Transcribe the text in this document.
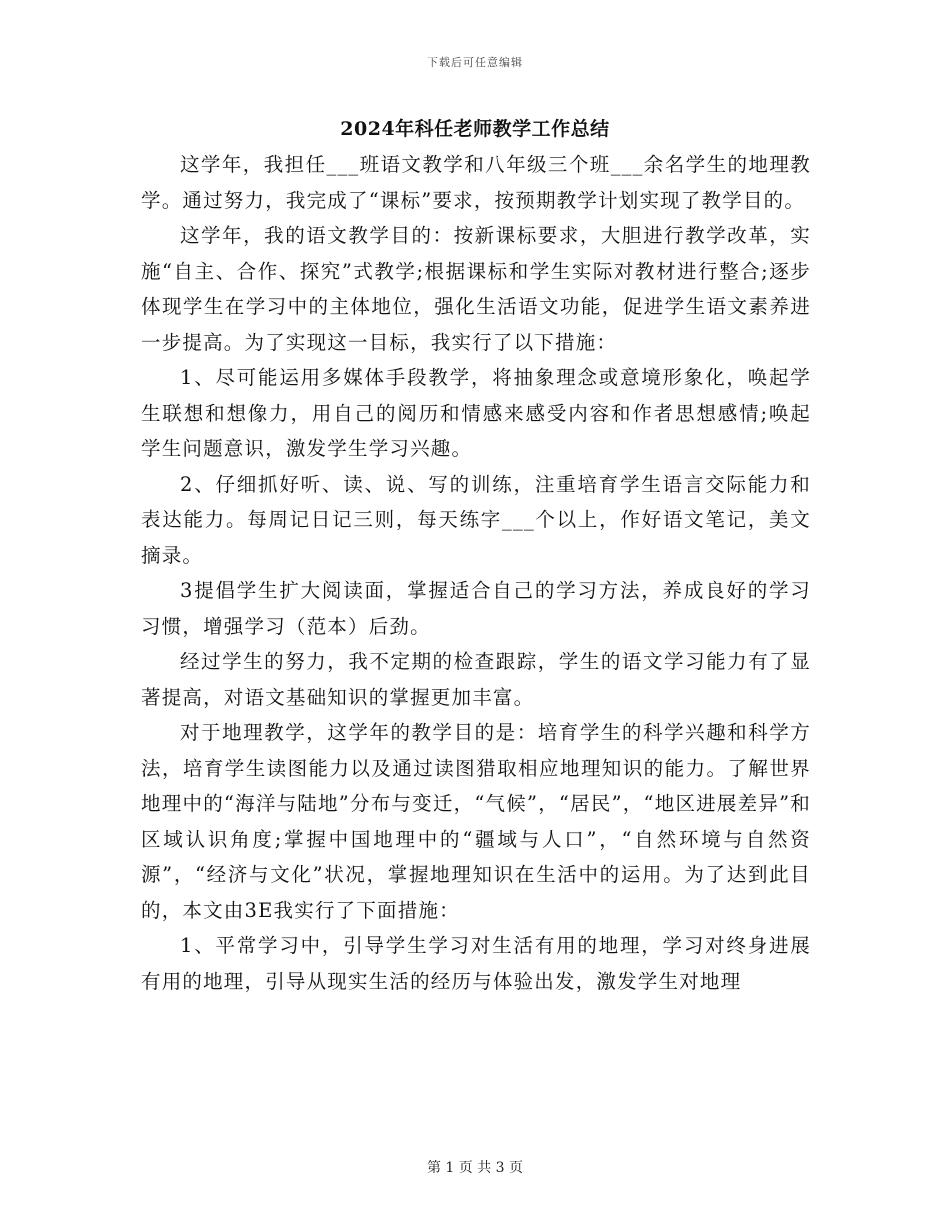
下载后可任意编辑
2024年科任老师教学工作总结

这学年，我担任___班语文教学和八年级三个班___余名学生的地理教学。通过努力，我完成了“课标”要求，按预期教学计划实现了教学目的。

这学年，我的语文教学目的：按新课标要求，大胆进行教学改革，实施“自主、合作、探究”式教学;根据课标和学生实际对教材进行整合;逐步体现学生在学习中的主体地位，强化生活语文功能，促进学生语文素养进一步提高。为了实现这一目标，我实行了以下措施：

1、尽可能运用多媒体手段教学，将抽象理念或意境形象化，唤起学生联想和想像力，用自己的阅历和情感来感受内容和作者思想感情;唤起学生问题意识，激发学生学习兴趣。

2、仔细抓好听、读、说、写的训练，注重培育学生语言交际能力和表达能力。每周记日记三则，每天练字___个以上，作好语文笔记，美文摘录。

3提倡学生扩大阅读面，掌握适合自己的学习方法，养成良好的学习习惯，增强学习（范本）后劲。

经过学生的努力，我不定期的检查跟踪，学生的语文学习能力有了显著提高，对语文基础知识的掌握更加丰富。

对于地理教学，这学年的教学目的是：培育学生的科学兴趣和科学方法，培育学生读图能力以及通过读图猎取相应地理知识的能力。了解世界地理中的“海洋与陆地”分布与变迁，“气候”，“居民”，“地区进展差异”和区域认识角度;掌握中国地理中的“疆域与人口”，“自然环境与自然资源”，“经济与文化”状况，掌握地理知识在生活中的运用。为了达到此目的，本文由3E我实行了下面措施：

1、平常学习中，引导学生学习对生活有用的地理，学习对终身进展有用的地理，引导从现实生活的经历与体验出发，激发学生对地理

第 1 页 共 3 页
